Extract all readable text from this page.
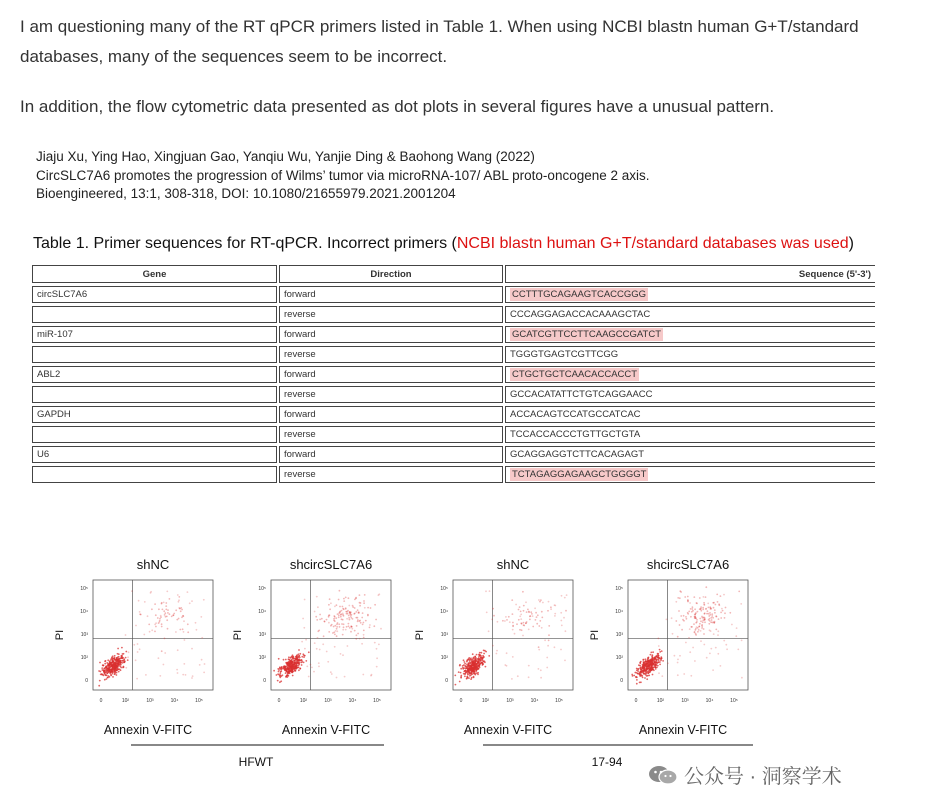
I am questioning many of the RT qPCR primers listed in Table 1. When using NCBI blastn human G+T/standard databases, many of the sequences seem to be incorrect.

In addition, the flow cytometric data presented as dot plots in several figures have a unusual pattern.

Jiaju Xu, Ying Hao, Xingjuan Gao, Yanqiu Wu, Yanjie Ding & Baohong Wang (2022)
CircSLC7A6 promotes the progression of Wilms’ tumor via microRNA-107/ ABL proto-oncogene 2 axis.
Bioengineered, 13:1, 308-318, DOI: 10.1080/21655979.2021.2001204
Table 1. Primer sequences for RT-qPCR. Incorrect primers (NCBI blastn human G+T/standard databases was used)
Gene	Direction	Sequence (5'-3')
circSLC7A6	forward	CCTTTGCAGAAGTCACCGGG
	reverse	CCCAGGAGACCACAAAGCTAC
miR-107	forward	GCATCGTTCCTTCAAGCCGATCT
	reverse	TGGGTGAGTCGTTCGG
ABL2	forward	CTGCTGCTCAACACCACCT
	reverse	GCCACATATTCTGTCAGGAACC
GAPDH	forward	ACCACAGTCCATGCCATCAC
	reverse	TCCACCACCCTGTTGCTGTA
U6	forward	GCAGGAGGTCTTCACAGAGT
	reverse	TCTAGAGGAGAAGCTGGGGT
shNC
10⁵
10⁴
10³
10²
0
0	10²	10³	10⁴	10⁵
PI
Annexin V-FITC
shcircSLC7A6
10⁵
10⁴
10³
10²
0
0	10²	10³	10⁴	10⁵
PI
Annexin V-FITC
shNC
10⁵
10⁴
10³
10²
0
0	10²	10³	10⁴	10⁵
PI
Annexin V-FITC
shcircSLC7A6
10⁵
10⁴
10³
10²
0
0	10²	10³	10⁴	10⁵
PI
Annexin V-FITC
HFWT	17-94
公众号 · 洞察学术
